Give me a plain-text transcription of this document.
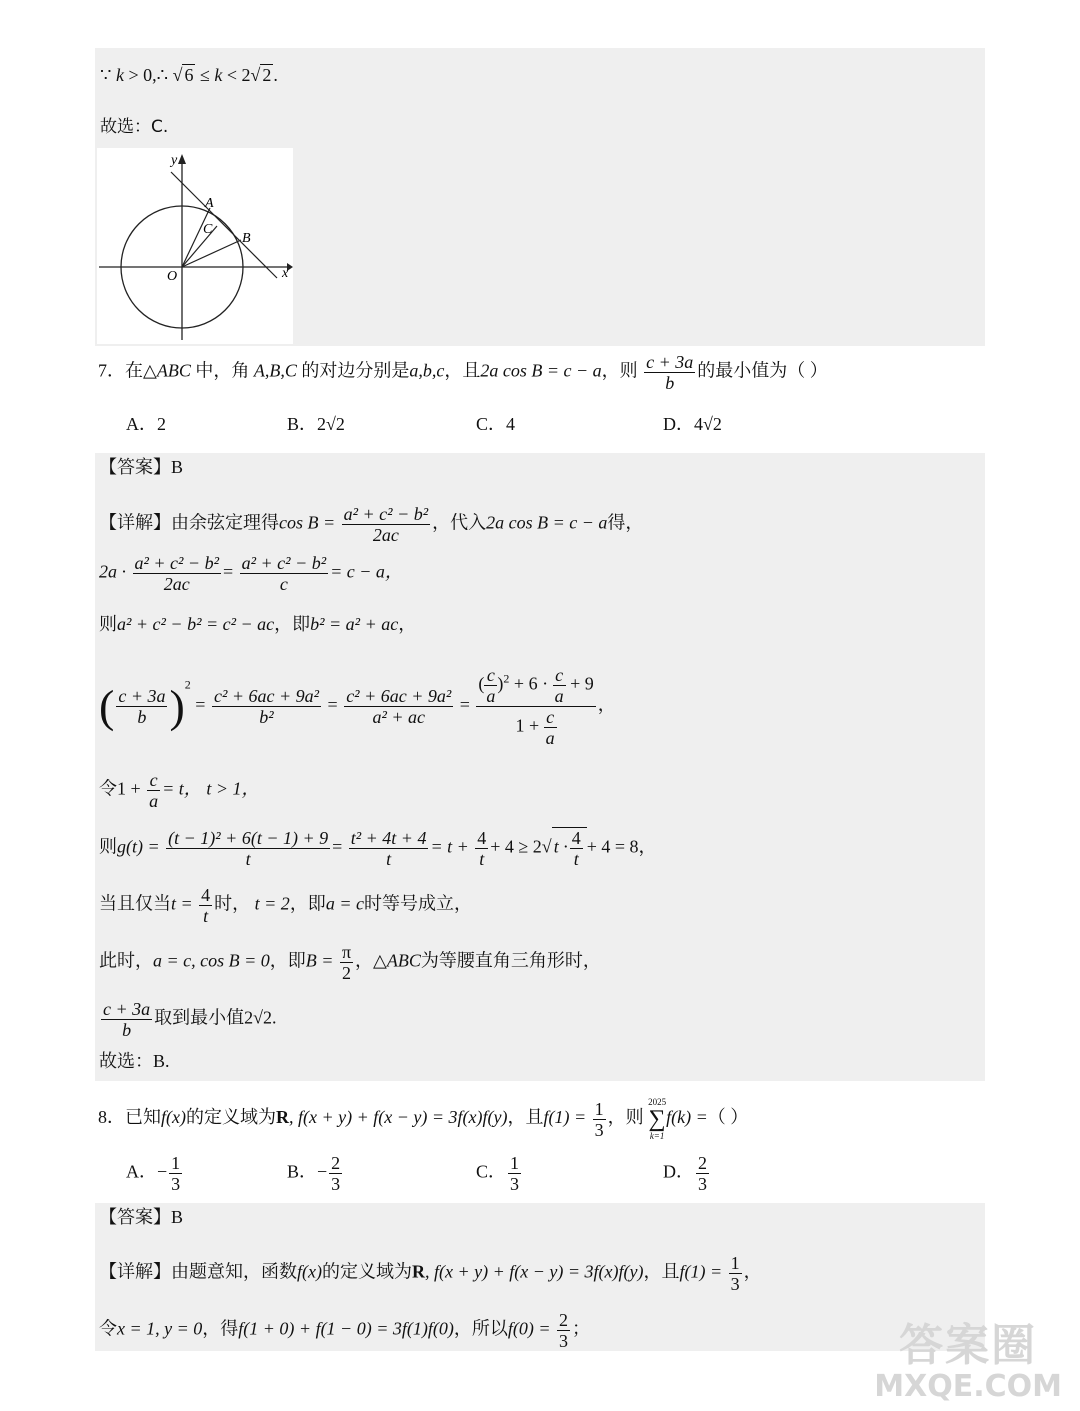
∵ k > 0,∴ √ 6 ≤ k < 2√ 2 .
故选：C.
y
x
O
A
C
B
7．在△ABC 中，角 A,B,C 的对边分别是a,b,c，且2a cos B = c − a，则 $\frac{c + 3a}{b}$ 的最小值为（ ）
A．2	B．2√2	C．4	D．4√2
【答案】B
【详解】由余弦定理得$\cos B = \frac{\text{a² + c² − b²}}{2ac}$ ，代入2a cos B = c − a得，
$2a \cdot \frac{\text{a² + c² − b²}}{2ac} = \frac{\text{a² + c² − b²}}{c} = c - a$，
则a² + c² − b² = c² − ac，即b² = a² + ac，
( $\frac{c + 3a}{b} )^2 = \frac{\text{c² + 6ac + 9a²}}{\text{b²}} = \frac{\text{c² + 6ac + 9a²}}{\text{a² + ac}} = \frac{( \frac{c}{a} )^2 + 6 \cdot \frac{c}{a} + 9}{1 + \frac{c}{a}}$ ，
令$1 + \frac{c}{a} = t$， t > 1，
则$g(t) = \frac{\text{(t − 1)² + 6(t − 1) + 9}}{t} = \frac{\text{t² + 4t + 4}}{t} = t + \frac{4}{t} + 4 \ge 2√$ $t \cdot \frac{4}{t} + 4 = 8$，
当且仅当$t = \frac{4}{t}$ 时， t = 2，即a = c时等号成立，
此时，a = c, cos B = 0，即$B = \frac{\pi}{2}$ ，△ABC为等腰直角三角形时，
$\frac{c + 3a}{b}$ 取到最小值2√2.
故选：B.
8．已知f(x)的定义域为R, f(x + y) + f(x − y) = 3f(x)f(y)，且$f(1) = \frac{1}{3}$ ，则
2025
∑
k=1
f(k) =（ ）
A．− $\frac{1}{3}$	B．− $\frac{2}{3}$	C． $\frac{1}{3}$	D． $\frac{2}{3}$
【答案】B
【详解】由题意知，函数f(x)的定义域为R, f(x + y) + f(x − y) = 3f(x)f(y)，且$f(1) = \frac{1}{3}$ ，
令x = 1, y = 0，得f(1 + 0) + f(1 − 0) = 3f(1)f(0)，所以$f(0) = \frac{2}{3}$ ；	答案圈
MXQE.COM
